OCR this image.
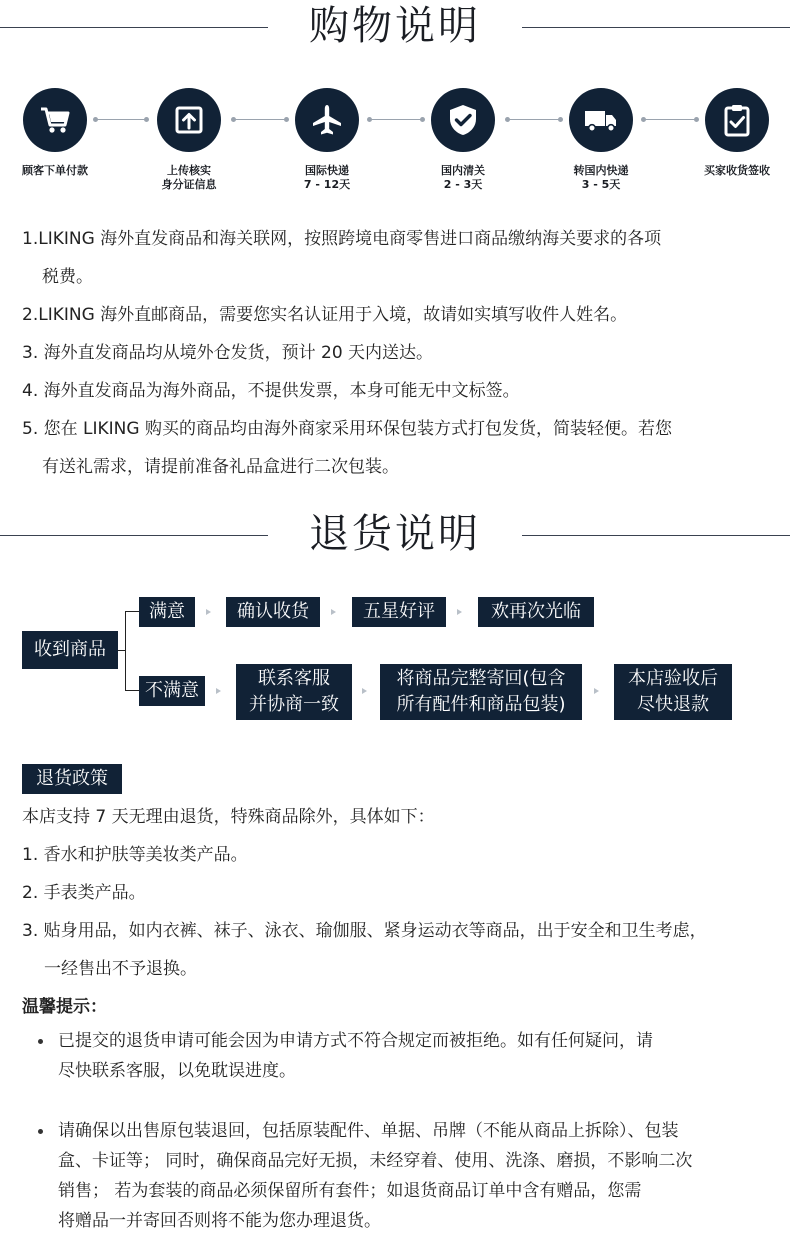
购物说明
顾客下单付款	上传核实
身分证信息
国际快递
7 - 12天
国内清关
2 - 3天
转国内快递
3 - 5天
买家收货签收
1.LIKING 海外直发商品和海关联网，按照跨境电商零售进口商品缴纳海关要求的各项
税费。
2.LIKING 海外直邮商品，需要您实名认证用于入境，故请如实填写收件人姓名。
3. 海外直发商品均从境外仓发货，预计 20 天内送达。
4. 海外直发商品为海外商品，不提供发票，本身可能无中文标签。
5. 您在 LIKING 购买的商品均由海外商家采用环保包装方式打包发货，简装轻便。若您
有送礼需求，请提前准备礼品盒进行二次包装。
退货说明
收到商品
满意	确认收货	五星好评	欢再次光临
不满意
联系客服
并协商一致
将商品完整寄回(包含
所有配件和商品包装)
本店验收后
尽快退款
退货政策

本店支持 7 天无理由退货，特殊商品除外，具体如下：

1. 香水和护肤等美妆类产品。

2. 手表类产品。

3. 贴身用品，如内衣裤、袜子、泳衣、瑜伽服、紧身运动衣等商品，出于安全和卫生考虑，

一经售出不予退换。

温馨提示：

已提交的退货申请可能会因为申请方式不符合规定而被拒绝。如有任何疑问，请
尽快联系客服，以免耽误进度。
请确保以出售原包装退回，包括原装配件、单据、吊牌（不能从商品上拆除）、包装
盒、卡证等； 同时，确保商品完好无损，未经穿着、使用、洗涤、磨损，不影响二次
销售； 若为套装的商品必须保留所有套件；如退货商品订单中含有赠品，您需
将赠品一并寄回否则将不能为您办理退货。
